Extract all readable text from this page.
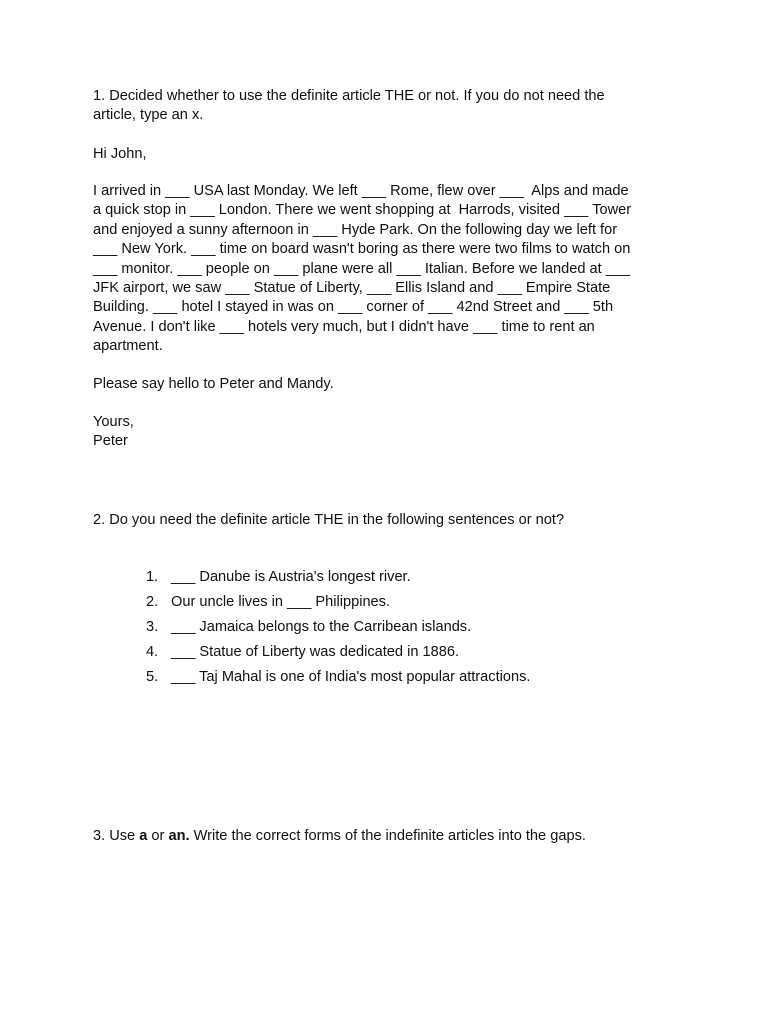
1. Decided whether to use the definite article THE or not. If you do not need the
article, type an x.

Hi John,

I arrived in ___ USA last Monday. We left ___ Rome, flew over ___  Alps and made
a quick stop in ___ London. There we went shopping at  Harrods, visited ___ Tower
and enjoyed a sunny afternoon in ___ Hyde Park. On the following day we left for
___ New York. ___ time on board wasn't boring as there were two films to watch on
___ monitor. ___ people on ___ plane were all ___ Italian. Before we landed at ___
JFK airport, we saw ___ Statue of Liberty, ___ Ellis Island and ___ Empire State
Building. ___ hotel I stayed in was on ___ corner of ___ 42nd Street and ___ 5th
Avenue. I don't like ___ hotels very much, but I didn't have ___ time to rent an
apartment.

Please say hello to Peter and Mandy.

Yours,
Peter

2. Do you need the definite article THE in the following sentences or not?

1. ___ Danube is Austria's longest river.
2. Our uncle lives in ___ Philippines.
3. ___ Jamaica belongs to the Carribean islands.
4. ___ Statue of Liberty was dedicated in 1886.
5. ___ Taj Mahal is one of India's most popular attractions.

3. Use a or an. Write the correct forms of the indefinite articles into the gaps.
